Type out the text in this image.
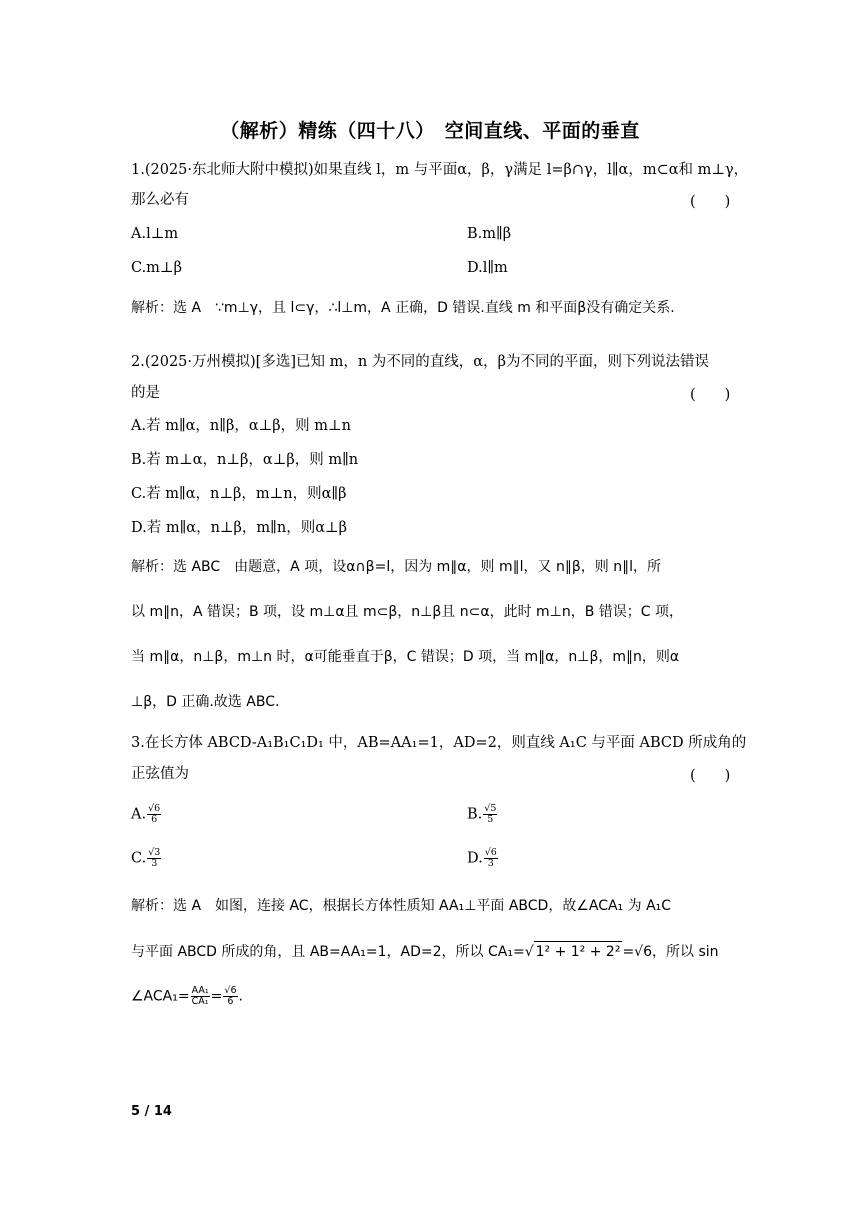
（解析）精练（四十八）　空间直线、平面的垂直
1.(2025·东北师大附中模拟)如果直线 l，m 与平面α，β，γ满足 l=β∩γ，l∥α，m⊂α和 m⊥γ，
那么必有	(　　)
A.l⊥m	B.m∥β
C.m⊥β	D.l∥m
解析：选 A　∵m⊥γ，且 l⊂γ，∴l⊥m，A 正确，D 错误.直线 m 和平面β没有确定关系.
2.(2025·万州模拟)[多选]已知 m，n 为不同的直线，α，β为不同的平面，则下列说法错误
的是	(　　)
A.若 m∥α，n∥β，α⊥β，则 m⊥n
B.若 m⊥α，n⊥β，α⊥β，则 m∥n
C.若 m∥α，n⊥β，m⊥n，则α∥β
D.若 m∥α，n⊥β，m∥n，则α⊥β
解析：选 ABC　由题意，A 项，设α∩β=l，因为 m∥α，则 m∥l，又 n∥β，则 n∥l，所
以 m∥n，A 错误；B 项，设 m⊥α且 m⊂β，n⊥β且 n⊂α，此时 m⊥n，B 错误；C 项，
当 m∥α，n⊥β，m⊥n 时，α可能垂直于β，C 错误；D 项，当 m∥α，n⊥β，m∥n，则α
⊥β，D 正确.故选 ABC.
3.在长方体 ABCD-A₁B₁C₁D₁ 中，AB=AA₁=1，AD=2，则直线 A₁C 与平面 ABCD 所成角的
正弦值为	(　　)
A. $\frac{√6}{6}$	B. $\frac{√5}{5}$
C. $\frac{√3}{3}$	D. $\frac{√6}{3}$
解析：选 A　如图，连接 AC，根据长方体性质知 AA₁⊥平面 ABCD，故∠ACA₁ 为 A₁C
与平面 ABCD 所成的角，且 AB=AA₁=1，AD=2，所以 CA₁=√ 1² + 1² + 2² =√6，所以 sin
∠ACA₁= $\frac{\text{AA₁}}{\text{CA₁}} = \frac{√6}{6}$ .
5 / 14
